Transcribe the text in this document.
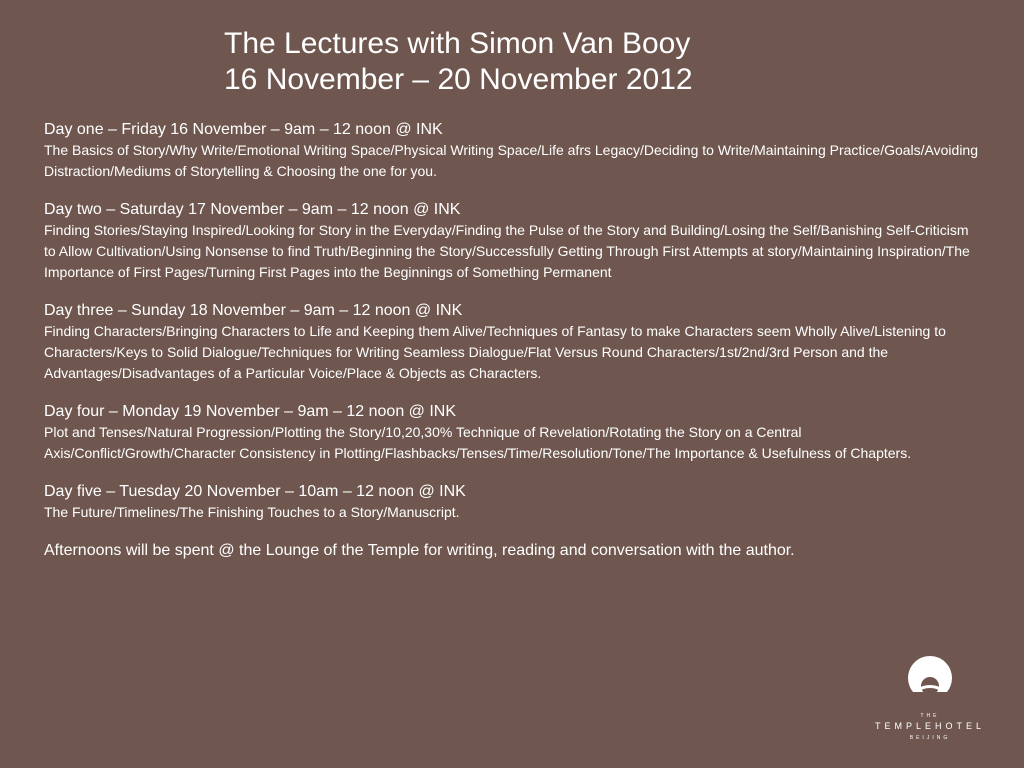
The Lectures with Simon Van Booy
16 November – 20 November 2012
Day one – Friday 16 November – 9am – 12 noon @ INK
The Basics of Story/Why Write/Emotional Writing Space/Physical Writing Space/Life afrs Legacy/Deciding to Write/Maintaining Practice/Goals/Avoiding Distraction/Mediums of Storytelling & Choosing the one for you.
Day two – Saturday 17 November – 9am – 12 noon @ INK
Finding Stories/Staying Inspired/Looking for Story in the Everyday/Finding the Pulse of the Story and Building/Losing the Self/Banishing Self-Criticism to Allow Cultivation/Using Nonsense to find Truth/Beginning the Story/Successfully Getting Through First Attempts at story/Maintaining Inspiration/The Importance of First Pages/Turning First Pages into the Beginnings of Something Permanent
Day three – Sunday 18 November – 9am – 12 noon @ INK
Finding Characters/Bringing Characters to Life and Keeping them Alive/Techniques of Fantasy to make Characters seem Wholly Alive/Listening to Characters/Keys to Solid Dialogue/Techniques for Writing Seamless Dialogue/Flat Versus Round Characters/1st/2nd/3rd Person and the Advantages/Disadvantages of a Particular Voice/Place & Objects as Characters.
Day four – Monday 19 November – 9am – 12 noon @ INK
Plot and Tenses/Natural Progression/Plotting the Story/10,20,30% Technique of Revelation/Rotating the Story on a Central Axis/Conflict/Growth/Character Consistency in Plotting/Flashbacks/Tenses/Time/Resolution/Tone/The Importance & Usefulness of Chapters.
Day five – Tuesday 20 November – 10am – 12 noon @ INK
The Future/Timelines/The Finishing Touches to a Story/Manuscript.

Afternoons will be spent @ the Lounge of the Temple for writing, reading and conversation with the author.

THE
TEMPLEHOTEL
BEIJING
